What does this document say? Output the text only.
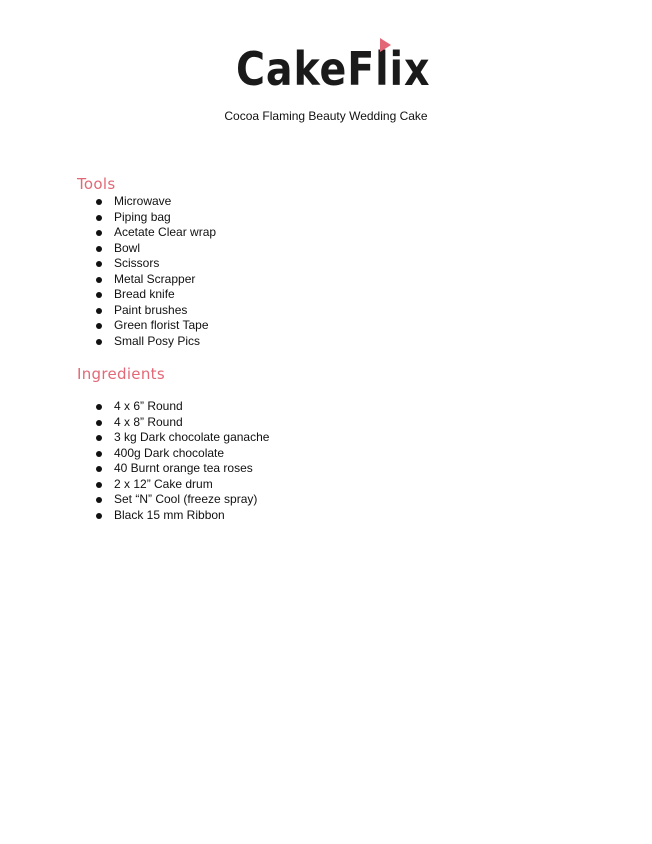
CakeFlix
Cocoa Flaming Beauty Wedding Cake
Tools
Microwave
Piping bag
Acetate Clear wrap
Bowl
Scissors
Metal Scrapper
Bread knife
Paint brushes
Green florist Tape
Small Posy Pics
Ingredients
4 x 6” Round
4 x 8” Round
3 kg Dark chocolate ganache
400g Dark chocolate
40 Burnt orange tea roses
2 x 12” Cake drum
Set “N” Cool (freeze spray)
Black 15 mm Ribbon
